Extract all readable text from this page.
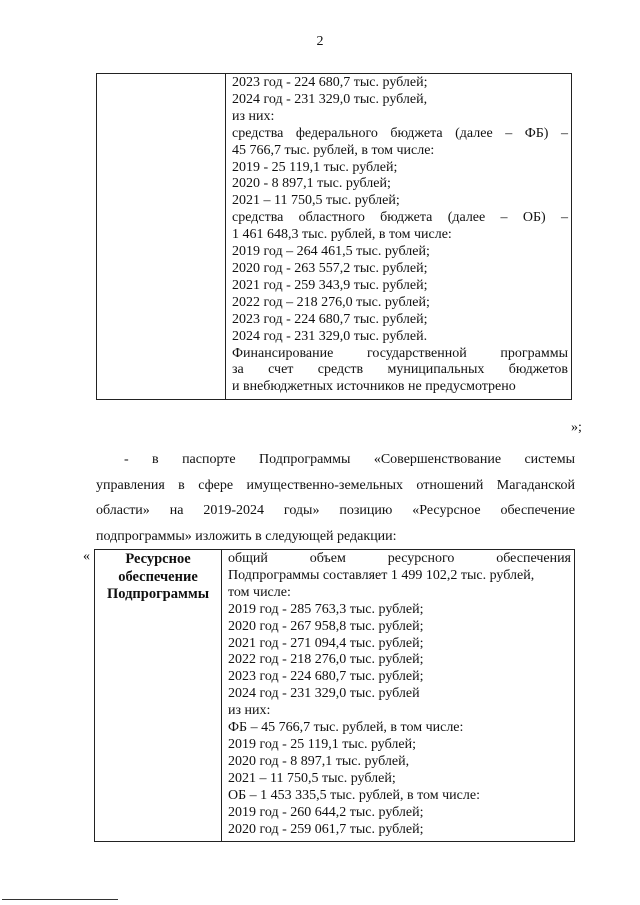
2

2023 год - 224 680,7 тыс. рублей;
2024 год - 231 329,0 тыс. рублей,
из них:
средства федерального бюджета (далее – ФБ) –
45 766,7 тыс. рублей, в том числе:
2019 - 25 119,1 тыс. рублей;
2020 - 8 897,1 тыс. рублей;
2021 – 11 750,5 тыс. рублей;
средства областного бюджета (далее – ОБ) –
1 461 648,3 тыс. рублей, в том числе:
2019 год – 264 461,5 тыс. рублей;
2020 год - 263 557,2 тыс. рублей;
2021 год - 259 343,9 тыс. рублей;
2022 год – 218 276,0 тыс. рублей;
2023 год - 224 680,7 тыс. рублей;
2024 год - 231 329,0 тыс. рублей.
Финансирование государственной программы
за счет средств муниципальных бюджетов
и внебюджетных источников не предусмотрено
»;
- в паспорте Подпрограммы «Совершенствование системы
управления в сфере имущественно-земельных отношений Магаданской
области» на 2019-2024 годы» позицию «Ресурсное обеспечение
подпрограммы» изложить в следующей редакции:
«	Ресурсное обеспечение Подпрограммы

общий объем ресурсного обеспечения
Подпрограммы составляет 1 499 102,2 тыс. рублей,
том числе:
2019 год - 285 763,3 тыс. рублей;
2020 год - 267 958,8 тыс. рублей;
2021 год - 271 094,4 тыс. рублей;
2022 год - 218 276,0 тыс. рублей;
2023 год - 224 680,7 тыс. рублей;
2024 год - 231 329,0 тыс. рублей
из них:
ФБ – 45 766,7 тыс. рублей, в том числе:
2019 год - 25 119,1 тыс. рублей;
2020 год - 8 897,1 тыс. рублей,
2021 – 11 750,5 тыс. рублей;
ОБ – 1 453 335,5 тыс. рублей, в том числе:
2019 год - 260 644,2 тыс. рублей;
2020 год - 259 061,7 тыс. рублей;
